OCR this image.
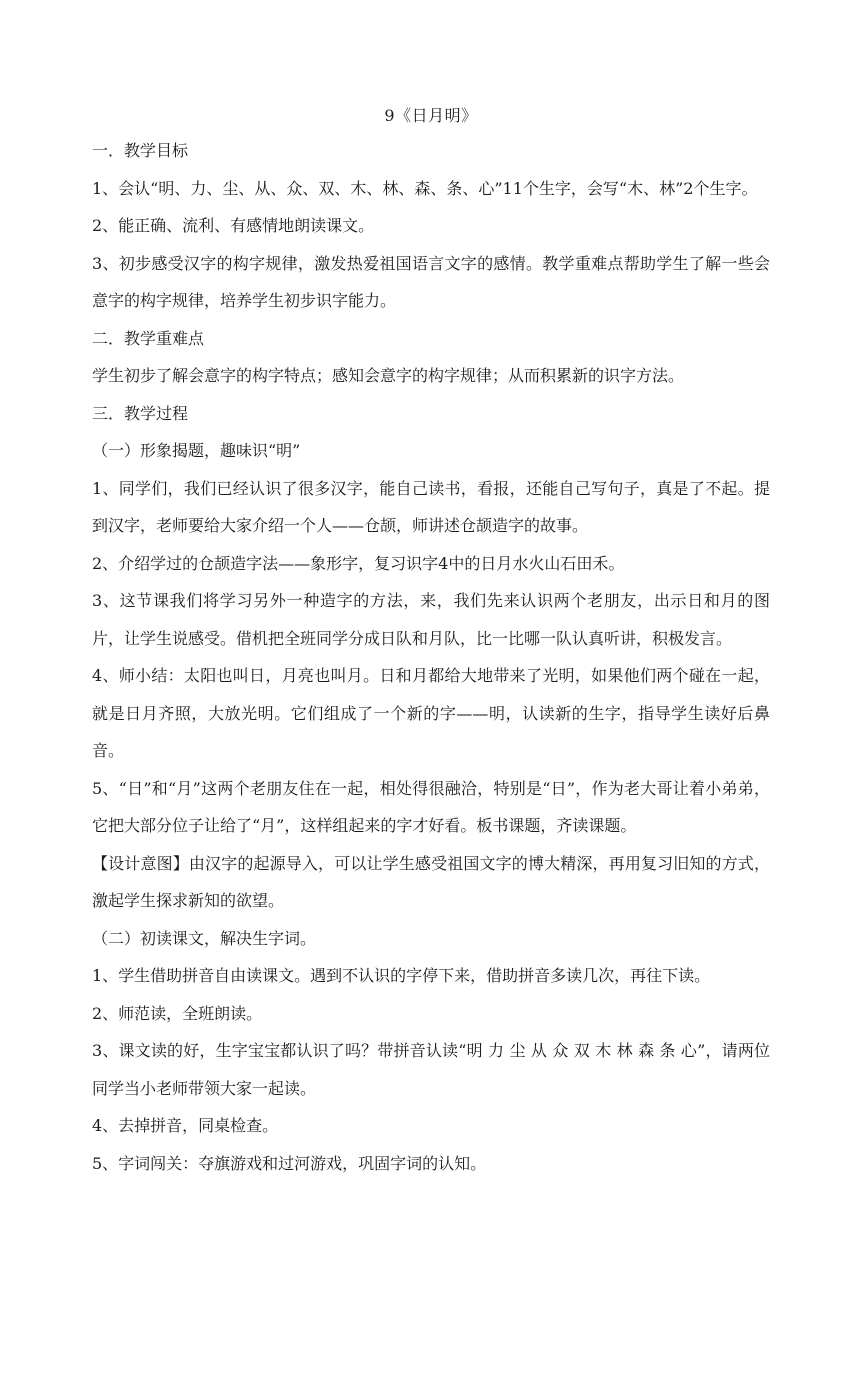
9《日月明》

一．教学目标

1、会认“明、力、尘、从、众、双、木、林、森、条、心”11个生字，会写“木、林”2个生字。

2、能正确、流利、有感情地朗读课文。

3、初步感受汉字的构字规律，激发热爱祖国语言文字的感情。教学重难点帮助学生了解一些会意字的构字规律，培养学生初步识字能力。

二．教学重难点

学生初步了解会意字的构字特点；感知会意字的构字规律；从而积累新的识字方法。

三．教学过程

（一）形象揭题，趣味识“明”

1、同学们，我们已经认识了很多汉字，能自己读书，看报，还能自己写句子，真是了不起。提到汉字，老师要给大家介绍一个人——仓颉，师讲述仓颉造字的故事。

2、介绍学过的仓颉造字法——象形字，复习识字4中的日月水火山石田禾。

3、这节课我们将学习另外一种造字的方法，来，我们先来认识两个老朋友，出示日和月的图片，让学生说感受。借机把全班同学分成日队和月队，比一比哪一队认真听讲，积极发言。

4、师小结：太阳也叫日，月亮也叫月。日和月都给大地带来了光明，如果他们两个碰在一起，就是日月齐照，大放光明。它们组成了一个新的字——明，认读新的生字，指导学生读好后鼻音。

5、“日”和“月”这两个老朋友住在一起，相处得很融洽，特别是“日”，作为老大哥让着小弟弟，它把大部分位子让给了“月”，这样组起来的字才好看。板书课题，齐读课题。

【设计意图】由汉字的起源导入，可以让学生感受祖国文字的博大精深，再用复习旧知的方式，激起学生探求新知的欲望。

（二）初读课文，解决生字词。

1、学生借助拼音自由读课文。遇到不认识的字停下来，借助拼音多读几次，再往下读。

2、师范读，全班朗读。

3、课文读的好，生字宝宝都认识了吗？带拼音认读“明 力 尘 从 众 双 木 林 森 条 心”，请两位同学当小老师带领大家一起读。

4、去掉拼音，同桌检查。

5、字词闯关：夺旗游戏和过河游戏，巩固字词的认知。
